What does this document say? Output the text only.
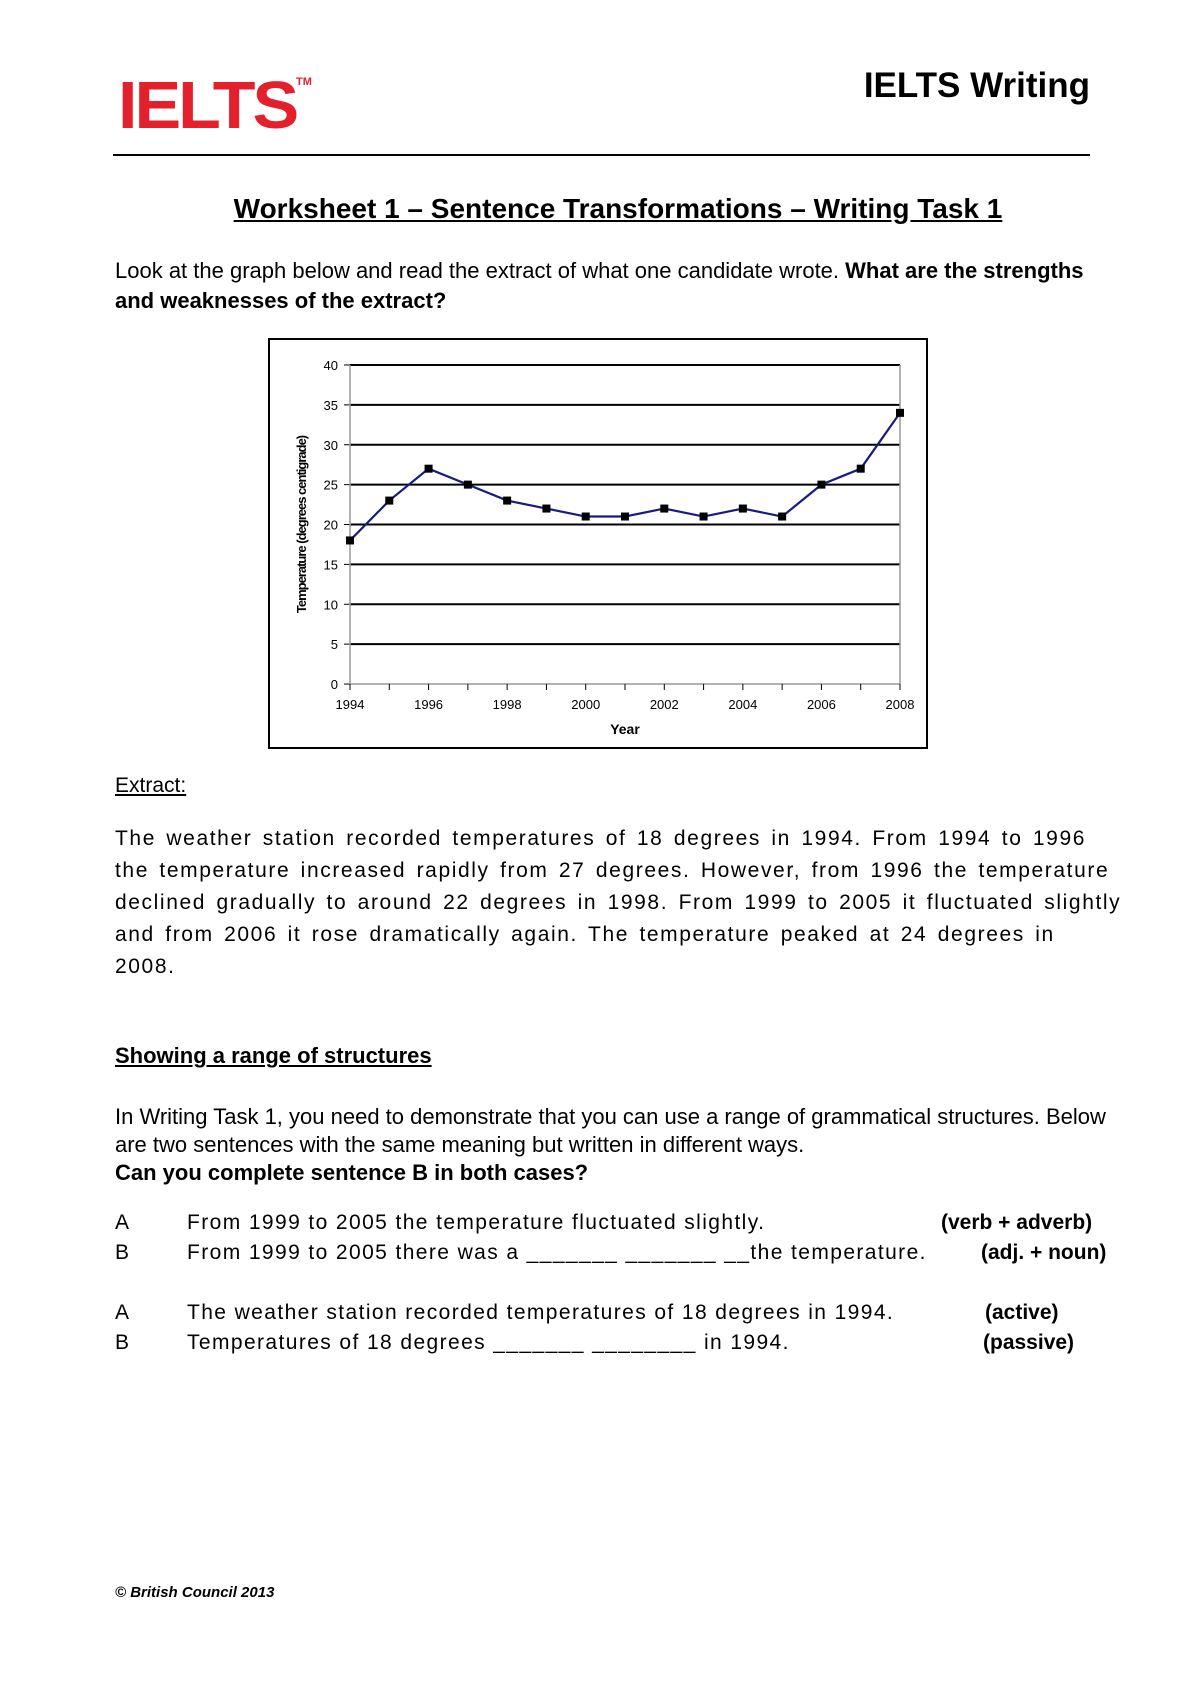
IELTS TM	IELTS Writing
Worksheet 1 – Sentence Transformations – Writing Task 1
Look at the graph below and read the extract of what one candidate wrote. What are the strengths and weaknesses of the extract?
0
5
10
15
20
25
30
35
40
1994	1996	1998	2000	2002	2004	2006	2008
Year
Temperature (degrees centigrade)
Extract:
The weather station recorded temperatures of 18 degrees in 1994. From 1994 to 1996 the temperature increased rapidly from 27 degrees. However, from 1996 the temperature declined gradually to around 22 degrees in 1998. From 1999 to 2005 it fluctuated slightly and from 2006 it rose dramatically again. The temperature peaked at 24 degrees in 2008.
Showing a range of structures
In Writing Task 1, you need to demonstrate that you can use a range of grammatical structures. Below are two sentences with the same meaning but written in different ways.
Can you complete sentence B in both cases?
A	From 1999 to 2005 the temperature fluctuated slightly.	(verb + adverb)
B	From 1999 to 2005 there was a _______ _______ __the temperature.	(adj. + noun)
A	The weather station recorded temperatures of 18 degrees in 1994.	(active)
B	Temperatures of 18 degrees _______ ________ in 1994.	(passive)
© British Council 2013
